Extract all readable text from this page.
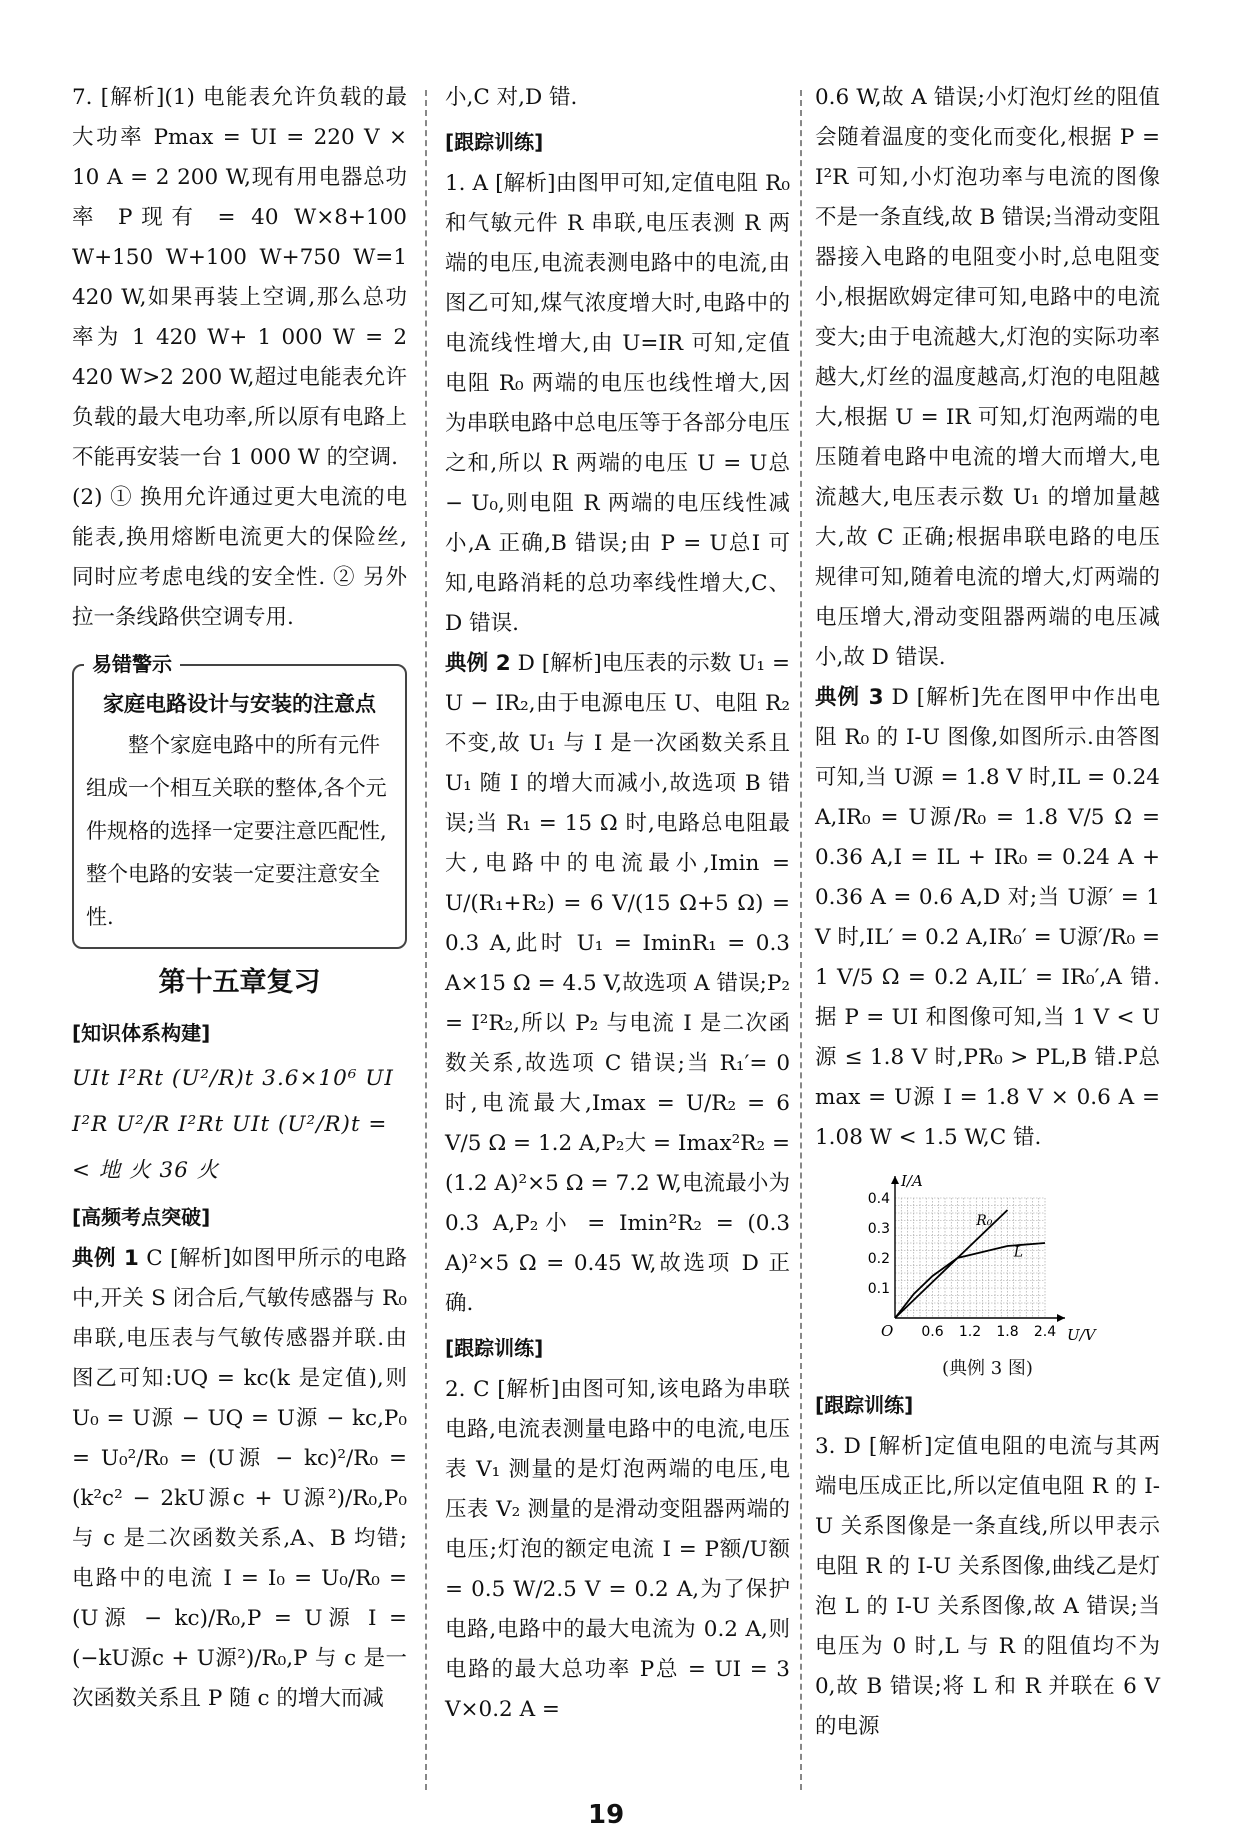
7. [解析](1) 电能表允许负载的最大功率 Pmax = UI = 220 V × 10 A = 2 200 W,现有用电器总功率 P现有 = 40 W×8+100 W+150 W+100 W+750 W=1 420 W,如果再装上空调,那么总功率为 1 420 W+ 1 000 W = 2 420 W>2 200 W,超过电能表允许负载的最大电功率,所以原有电路上不能再安装一台 1 000 W 的空调.

(2) ① 换用允许通过更大电流的电能表,换用熔断电流更大的保险丝,同时应考虑电线的安全性. ② 另外拉一条线路供空调专用.

易错警示
家庭电路设计与安装的注意点

整个家庭电路中的所有元件组成一个相互关联的整体,各个元件规格的选择一定要注意匹配性,整个电路的安装一定要注意安全性.

第十五章复习
[知识体系构建]
UIt I²Rt (U²/R)t 3.6×10⁶ UI
I²R U²/R I²Rt UIt (U²/R)t =
< 地 火 36 火
[高频考点突破]

典例 1 C [解析]如图甲所示的电路中,开关 S 闭合后,气敏传感器与 R₀ 串联,电压表与气敏传感器并联.由图乙可知:UQ = kc(k 是定值),则 U₀ = U源 − UQ = U源 − kc,P₀ = U₀²/R₀ = (U源 − kc)²/R₀ = (k²c² − 2kU源c + U源²)/R₀,P₀ 与 c 是二次函数关系,A、B 均错;电路中的电流 I = I₀ = U₀/R₀ = (U源 − kc)/R₀,P = U源 I = (−kU源c + U源²)/R₀,P 与 c 是一次函数关系且 P 随 c 的增大而减

小,C 对,D 错.

[跟踪训练]

1. A [解析]由图甲可知,定值电阻 R₀ 和气敏元件 R 串联,电压表测 R 两端的电压,电流表测电路中的电流,由图乙可知,煤气浓度增大时,电路中的电流线性增大,由 U=IR 可知,定值电阻 R₀ 两端的电压也线性增大,因为串联电路中总电压等于各部分电压之和,所以 R 两端的电压 U = U总 − U₀,则电阻 R 两端的电压线性减小,A 正确,B 错误;由 P = U总I 可知,电路消耗的总功率线性增大,C、D 错误.

典例 2 D [解析]电压表的示数 U₁ = U − IR₂,由于电源电压 U、电阻 R₂ 不变,故 U₁ 与 I 是一次函数关系且 U₁ 随 I 的增大而减小,故选项 B 错误;当 R₁ = 15 Ω 时,电路总电阻最大,电路中的电流最小,Imin = U/(R₁+R₂) = 6 V/(15 Ω+5 Ω) = 0.3 A,此时 U₁ = IminR₁ = 0.3 A×15 Ω = 4.5 V,故选项 A 错误;P₂ = I²R₂,所以 P₂ 与电流 I 是二次函数关系,故选项 C 错误;当 R₁′= 0 时,电流最大,Imax = U/R₂ = 6 V/5 Ω = 1.2 A,P₂大 = Imax²R₂ = (1.2 A)²×5 Ω = 7.2 W,电流最小为 0.3 A,P₂小 = Imin²R₂ = (0.3 A)²×5 Ω = 0.45 W,故选项 D 正确.

[跟踪训练]

2. C [解析]由图可知,该电路为串联电路,电流表测量电路中的电流,电压表 V₁ 测量的是灯泡两端的电压,电压表 V₂ 测量的是滑动变阻器两端的电压;灯泡的额定电流 I = P额/U额 = 0.5 W/2.5 V = 0.2 A,为了保护电路,电路中的最大电流为 0.2 A,则电路的最大总功率 P总 = UI = 3 V×0.2 A =

0.6 W,故 A 错误;小灯泡灯丝的阻值会随着温度的变化而变化,根据 P = I²R 可知,小灯泡功率与电流的图像不是一条直线,故 B 错误;当滑动变阻器接入电路的电阻变小时,总电阻变小,根据欧姆定律可知,电路中的电流变大;由于电流越大,灯泡的实际功率越大,灯丝的温度越高,灯泡的电阻越大,根据 U = IR 可知,灯泡两端的电压随着电路中电流的增大而增大,电流越大,电压表示数 U₁ 的增加量越大,故 C 正确;根据串联电路的电压规律可知,随着电流的增大,灯两端的电压增大,滑动变阻器两端的电压减小,故 D 错误.

典例 3 D [解析]先在图甲中作出电阻 R₀ 的 I-U 图像,如图所示.由答图可知,当 U源 = 1.8 V 时,IL = 0.24 A,IR₀ = U源/R₀ = 1.8 V/5 Ω = 0.36 A,I = IL + IR₀ = 0.24 A + 0.36 A = 0.6 A,D 对;当 U源′ = 1 V 时,IL′ = 0.2 A,IR₀′ = U源′/R₀ = 1 V/5 Ω = 0.2 A,IL′ = IR₀′,A 错.据 P = UI 和图像可知,当 1 V < U源 ≤ 1.8 V 时,PR₀ > PL,B 错.P总max = U源 I = 1.8 V × 0.6 A = 1.08 W < 1.5 W,C 错.

0.6 1.2 1.8 2.4
0.1
0.2
0.3
0.4
O	U/V
I/A
R₀
L
(典例 3 图)
[跟踪训练]

3. D [解析]定值电阻的电流与其两端电压成正比,所以定值电阻 R 的 I-U 关系图像是一条直线,所以甲表示电阻 R 的 I-U 关系图像,曲线乙是灯泡 L 的 I-U 关系图像,故 A 错误;当电压为 0 时,L 与 R 的阻值均不为 0,故 B 错误;将 L 和 R 并联在 6 V 的电源

19
